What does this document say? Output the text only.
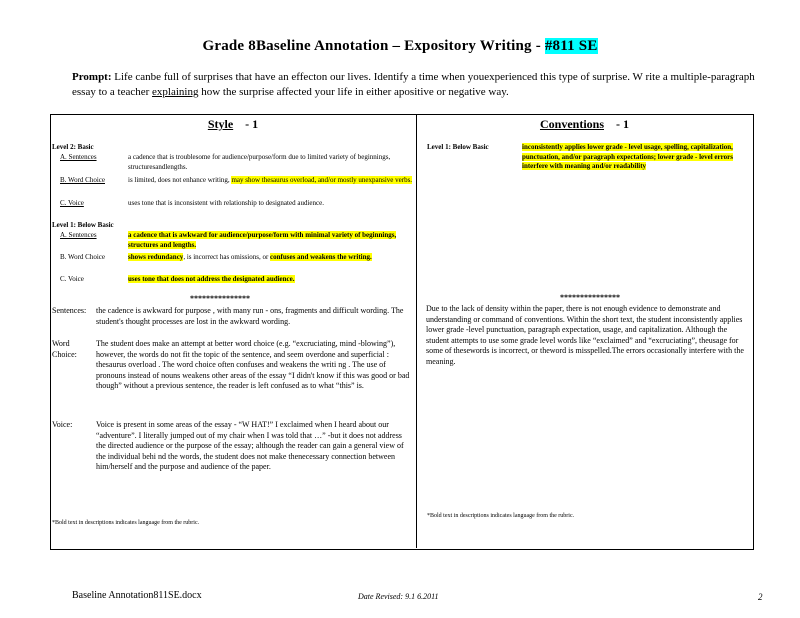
Grade 8Baseline Annotation – Expository Writing - #811 SE
Prompt: Life canbe full of surprises that have an effecton our lives. Identify a time when youexperienced this type of surprise. W rite a multiple-paragraph essay to a teacher explaining how the surprise affected your life in either apositive or negative way.
Style - 1	Conventions - 1
Level 2: Basic
A. Sentences	a cadence that is troublesome for audience/purpose/form due to limited variety of beginnings, structuresandlengths.
B. Word Choice	is limited, does not enhance writing, may show thesaurus overload, and/or mostly unexpansive verbs.
C. Voice	uses tone that is inconsistent with relationship to designated audience.
Level 1: Below Basic
A. Sentences	a cadence that is awkward for audience/purpose/form with minimal variety of beginnings, structures and lengths.
B. Word Choice	shows redundancy, is incorrect has omissions, or confuses and weakens the writing.
C. Voice	uses tone that does not address the designated audience.
***************
Sentences:	the cadence is awkward for purpose , with many run - ons, fragments and difficult wording. The student's thought processes are lost in the awkward wording.
Word Choice:
The student does make an attempt at better word choice (e.g. “excruciating, mind -blowing”), however, the words do not fit the topic of the sentence, and seem overdone and superficial : thesaurus overload . The word choice often confuses and weakens the writi ng . The use of pronouns instead of nouns weakens other areas of the essay “I didn't know if this was good or bad though” without a previous sentence, the reader is left confused as to what “this” is.
Voice:	Voice is present in some areas of the essay - “W HAT!” I exclaimed when I heard about our “adventure”. I literally jumped out of my chair when I was told that …” -but it does not address the directed audience or the purpose of the essay; although the reader can gain a general view of the individual behi nd the words, the student does not make thenecessary connection between him/herself and the purpose and audience of the paper.
*Bold text in descriptions indicates language from the rubric.
Level 1: Below Basic	inconsistently applies lower grade - level usage, spelling, capitalization, punctuation, and/or paragraph expectations; lower grade - level errors interfere with meaning and/or readability
***************
Due to the lack of density within the paper, there is not enough evidence to demonstrate and understanding or command of conventions. Within the short text, the student inconsistently applies lower grade -level punctuation, paragraph expectation, usage, and capitalization. Although the student attempts to use some grade level words like “exclaimed” and “excruciating”, theusage for some of thesewords is incorrect, or theword is misspelled.The errors occasionally interfere with the meaning.
*Bold text in descriptions indicates language from the rubric.
Baseline Annotation811SE.docx	Date Revised: 9.1 6.2011	2
